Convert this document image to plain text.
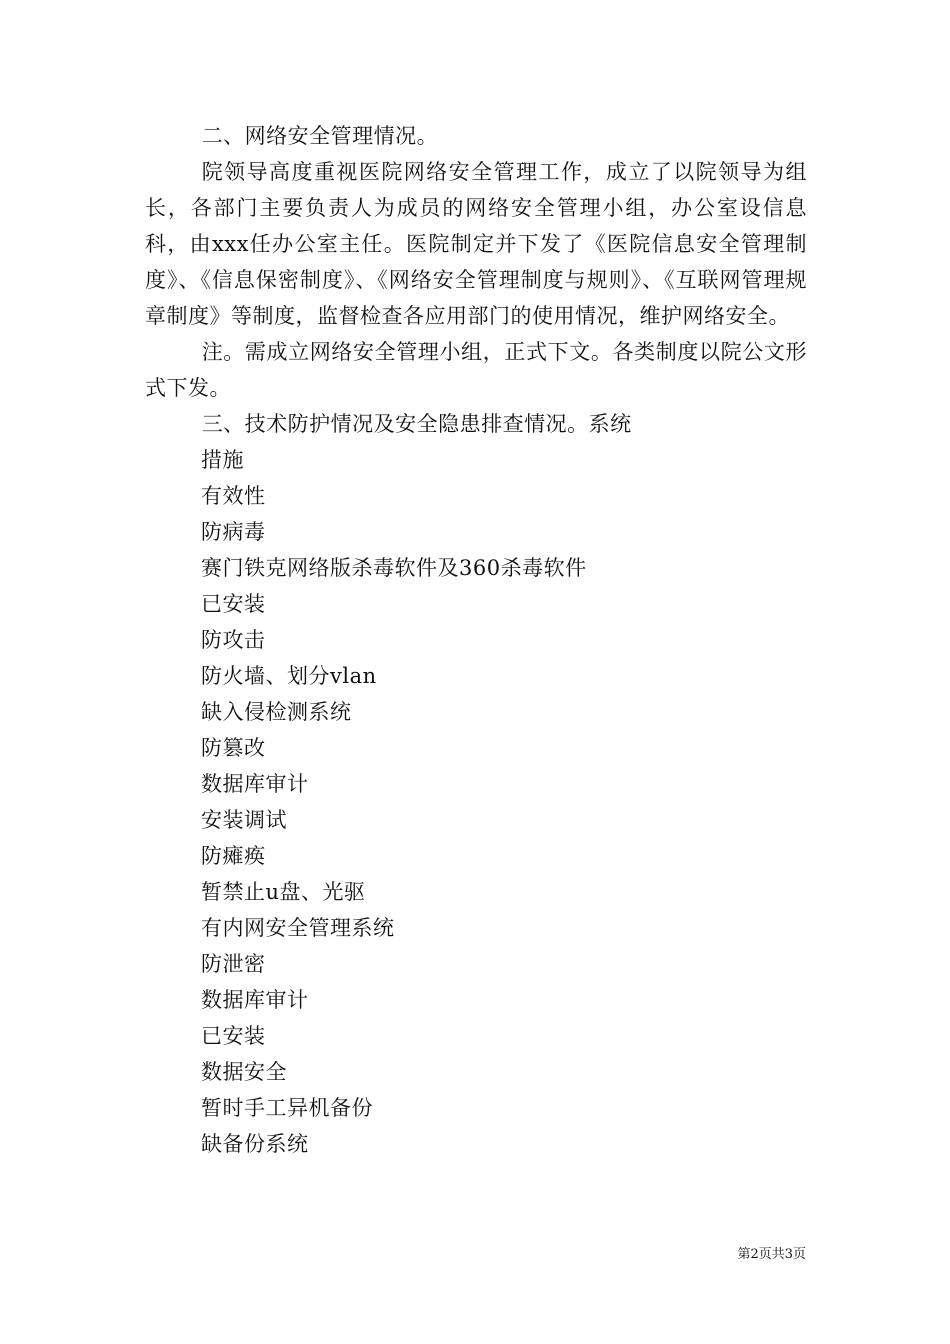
二、网络安全管理情况。

院领导高度重视医院网络安全管理工作，成立了以院领导为组长，各部门主要负责人为成员的网络安全管理小组，办公室设信息科，由xxx任办公室主任。医院制定并下发了《医院信息安全管理制度》、《信息保密制度》、《网络安全管理制度与规则》、《互联网管理规章制度》等制度，监督检查各应用部门的使用情况，维护网络安全。

注。需成立网络安全管理小组，正式下文。各类制度以院公文形式下发。

三、技术防护情况及安全隐患排查情况。系统

措施

有效性

防病毒

赛门铁克网络版杀毒软件及360杀毒软件

已安装

防攻击

防火墙、划分vlan

缺入侵检测系统

防篡改

数据库审计

安装调试

防瘫痪

暂禁止u盘、光驱

有内网安全管理系统

防泄密

数据库审计

已安装

数据安全

暂时手工异机备份

缺备份系统

第2页共3页
